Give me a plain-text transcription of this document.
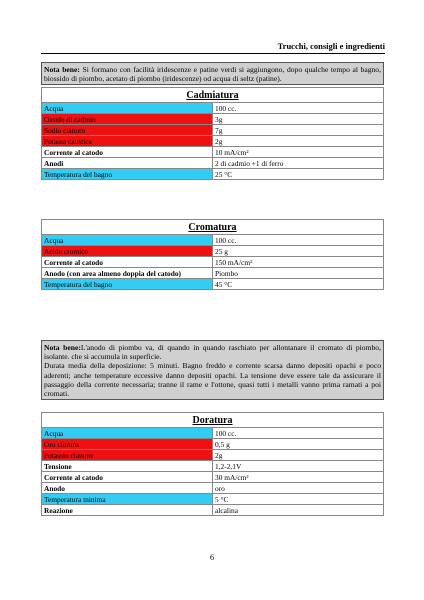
Trucchi, consigli e ingredienti
Nota bene: Si formano con facilità iridescenze e patine verdi si aggiungono, dopo qualche tempo al bagno, biossido di piombo, acetato di piombo (iridescenze) od acqua di seltz (patine).
Cadmiatura	
Acqua	100 cc.
Ossido di cadmio	3g
Sodio cianuro	7g
Potassa caustica	2g
Corrente al catodo	10 mA/cm²
Anodi	2 di cadmio +1 di ferro
Temperatura del bagno	25 °C
Cromatura	
Acqua	100 cc.
Acido cromico	25 g
Corrente al catodo	150 mA/cm²
Anodo (con area almeno doppia del catodo)	Piombo
Temperatura del bagno	45 °C
Nota bene:L'anodo di piombo va, di quando in quando raschiato per allontanare il cromato di piombo, isolante. che si accumula in superficie.
Durata media della deposizione: 5 minuti. Bagno freddo e corrente scarsa danno depositi opachi e poco aderenti; anche temperature eccessive danno depositi opachi. La tensione deve essere tale da assicurare il passaggio della corrente necessaria; tranne il rame e l'ottone, quasi tutti i metalli vanno prima ramati a poi cromati.
Doratura	
Acqua	100 cc.
Oro cloruro	0,5 g
Potassio cianuro	2g
Tensione	1,2-2,1V
Corrente al catodo	30 mA/cm²
Anodo	oro
Temperatura minima	5 °C
Reazione	alcalina
6
